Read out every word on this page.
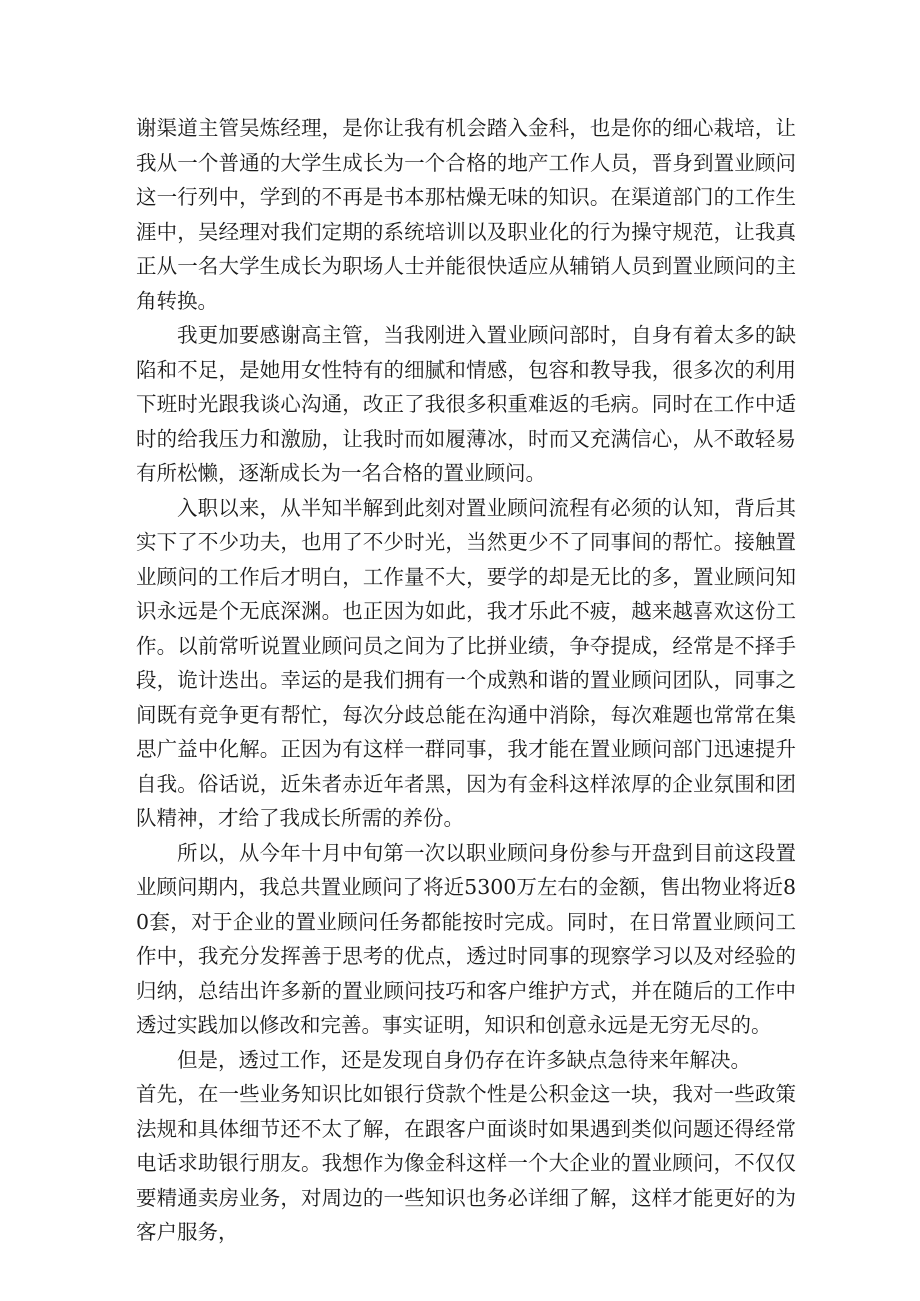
谢渠道主管吴炼经理，是你让我有机会踏入金科，也是你的细心栽培，让我从一个普通的大学生成长为一个合格的地产工作人员，晋身到置业顾问这一行列中，学到的不再是书本那枯燥无味的知识。在渠道部门的工作生涯中，吴经理对我们定期的系统培训以及职业化的行为操守规范，让我真正从一名大学生成长为职场人士并能很快适应从辅销人员到置业顾问的主角转换。

我更加要感谢高主管，当我刚进入置业顾问部时，自身有着太多的缺陷和不足，是她用女性特有的细腻和情感，包容和教导我，很多次的利用下班时光跟我谈心沟通，改正了我很多积重难返的毛病。同时在工作中适时的给我压力和激励，让我时而如履薄冰，时而又充满信心，从不敢轻易有所松懒，逐渐成长为一名合格的置业顾问。

入职以来，从半知半解到此刻对置业顾问流程有必须的认知，背后其实下了不少功夫，也用了不少时光，当然更少不了同事间的帮忙。接触置业顾问的工作后才明白，工作量不大，要学的却是无比的多，置业顾问知识永远是个无底深渊。也正因为如此，我才乐此不疲，越来越喜欢这份工作。以前常听说置业顾问员之间为了比拼业绩，争夺提成，经常是不择手段，诡计迭出。幸运的是我们拥有一个成熟和谐的置业顾问团队，同事之间既有竞争更有帮忙，每次分歧总能在沟通中消除，每次难题也常常在集思广益中化解。正因为有这样一群同事，我才能在置业顾问部门迅速提升自我。俗话说，近朱者赤近年者黑，因为有金科这样浓厚的企业氛围和团队精神，才给了我成长所需的养份。

所以，从今年十月中旬第一次以职业顾问身份参与开盘到目前这段置业顾问期内，我总共置业顾问了将近5300万左右的金额，售出物业将近80套，对于企业的置业顾问任务都能按时完成。同时，在日常置业顾问工作中，我充分发挥善于思考的优点，透过时同事的现察学习以及对经验的归纳，总结出许多新的置业顾问技巧和客户维护方式，并在随后的工作中透过实践加以修改和完善。事实证明，知识和创意永远是无穷无尽的。

但是，透过工作，还是发现自身仍存在许多缺点急待来年解决。

首先，在一些业务知识比如银行贷款个性是公积金这一块，我对一些政策法规和具体细节还不太了解，在跟客户面谈时如果遇到类似问题还得经常电话求助银行朋友。我想作为像金科这样一个大企业的置业顾问，不仅仅要精通卖房业务，对周边的一些知识也务必详细了解，这样才能更好的为客户服务，
